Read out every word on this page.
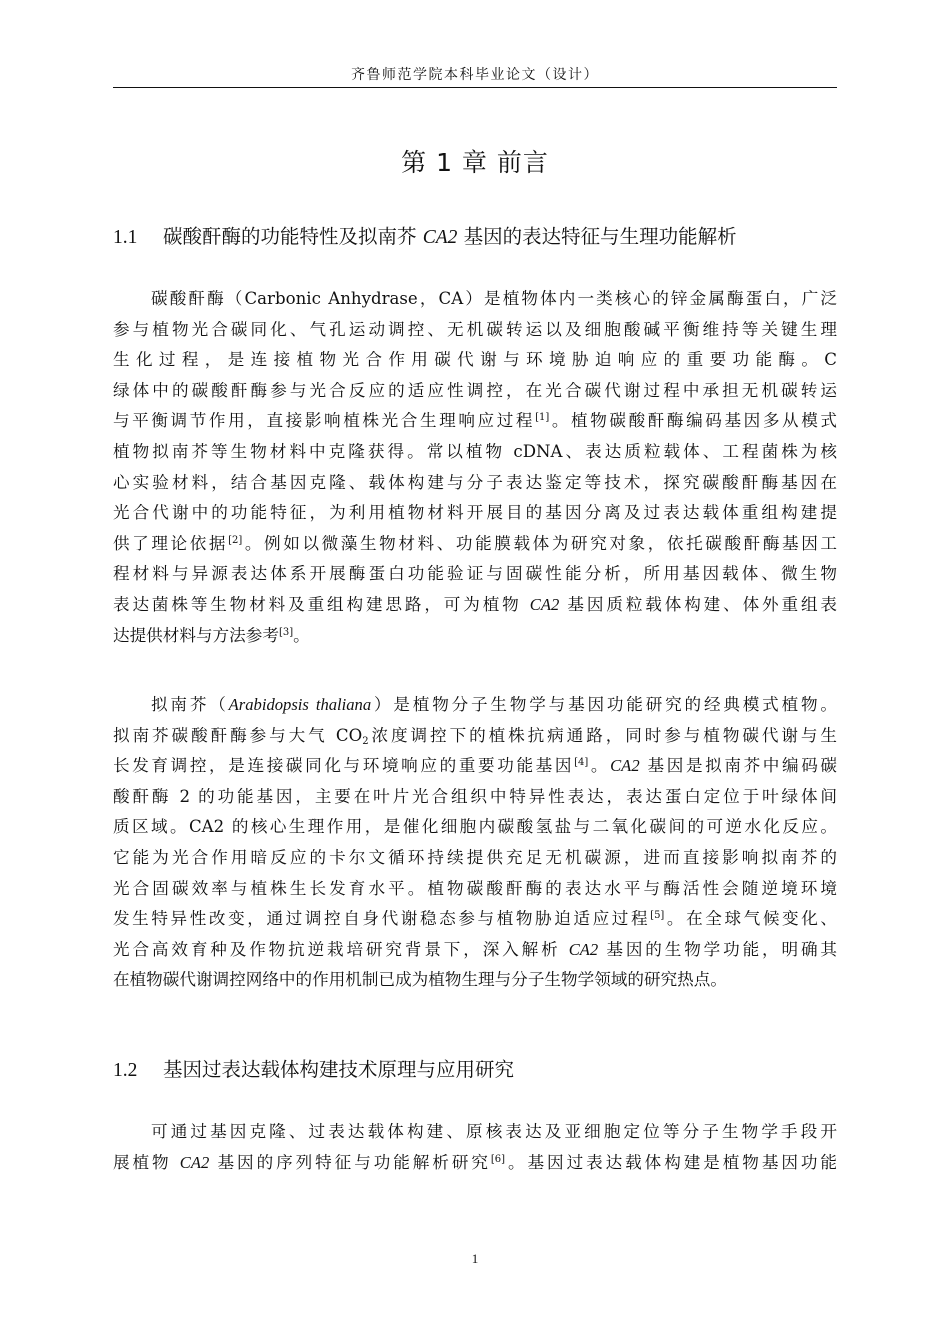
齐鲁师范学院本科毕业论文（设计）
第 1 章 前言
1.1 碳酸酐酶的功能特性及拟南芥 CA2 基因的表达特征与生理功能解析
碳酸酐酶（Carbonic Anhydrase，CA）是植物体内一类核心的锌金属酶蛋白，广泛
参与植物光合碳同化、气孔运动调控、无机碳转运以及细胞酸碱平衡维持等关键生理
生化过程，是连接植物光合作用碳代谢与环境胁迫响应的重要功能酶。C
绿体中的碳酸酐酶参与光合反应的适应性调控，在光合碳代谢过程中承担无机碳转运
与平衡调节作用，直接影响植株光合生理响应过程[1]。植物碳酸酐酶编码基因多从模式
植物拟南芥等生物材料中克隆获得。常以植物 cDNA、表达质粒载体、工程菌株为核
心实验材料，结合基因克隆、载体构建与分子表达鉴定等技术，探究碳酸酐酶基因在
光合代谢中的功能特征，为利用植物材料开展目的基因分离及过表达载体重组构建提
供了理论依据[2]。例如以微藻生物材料、功能膜载体为研究对象，依托碳酸酐酶基因工
程材料与异源表达体系开展酶蛋白功能验证与固碳性能分析，所用基因载体、微生物
表达菌株等生物材料及重组构建思路，可为植物 CA2 基因质粒载体构建、体外重组表
达提供材料与方法参考[3]。
拟南芥（Arabidopsis thaliana）是植物分子生物学与基因功能研究的经典模式植物。
拟南芥碳酸酐酶参与大气 $CO_2$浓度调控下的植株抗病通路，同时参与植物碳代谢与生
长发育调控，是连接碳同化与环境响应的重要功能基因[4]。CA2 基因是拟南芥中编码碳
酸酐酶 2 的功能基因，主要在叶片光合组织中特异性表达，表达蛋白定位于叶绿体间
质区域。CA2 的核心生理作用，是催化细胞内碳酸氢盐与二氧化碳间的可逆水化反应。
它能为光合作用暗反应的卡尔文循环持续提供充足无机碳源，进而直接影响拟南芥的
光合固碳效率与植株生长发育水平。植物碳酸酐酶的表达水平与酶活性会随逆境环境
发生特异性改变，通过调控自身代谢稳态参与植物胁迫适应过程[5]。在全球气候变化、
光合高效育种及作物抗逆栽培研究背景下，深入解析 CA2 基因的生物学功能，明确其
在植物碳代谢调控网络中的作用机制已成为植物生理与分子生物学领域的研究热点。
1.2 基因过表达载体构建技术原理与应用研究
可通过基因克隆、过表达载体构建、原核表达及亚细胞定位等分子生物学手段开
展植物 CA2 基因的序列特征与功能解析研究[6]。基因过表达载体构建是植物基因功能
1
